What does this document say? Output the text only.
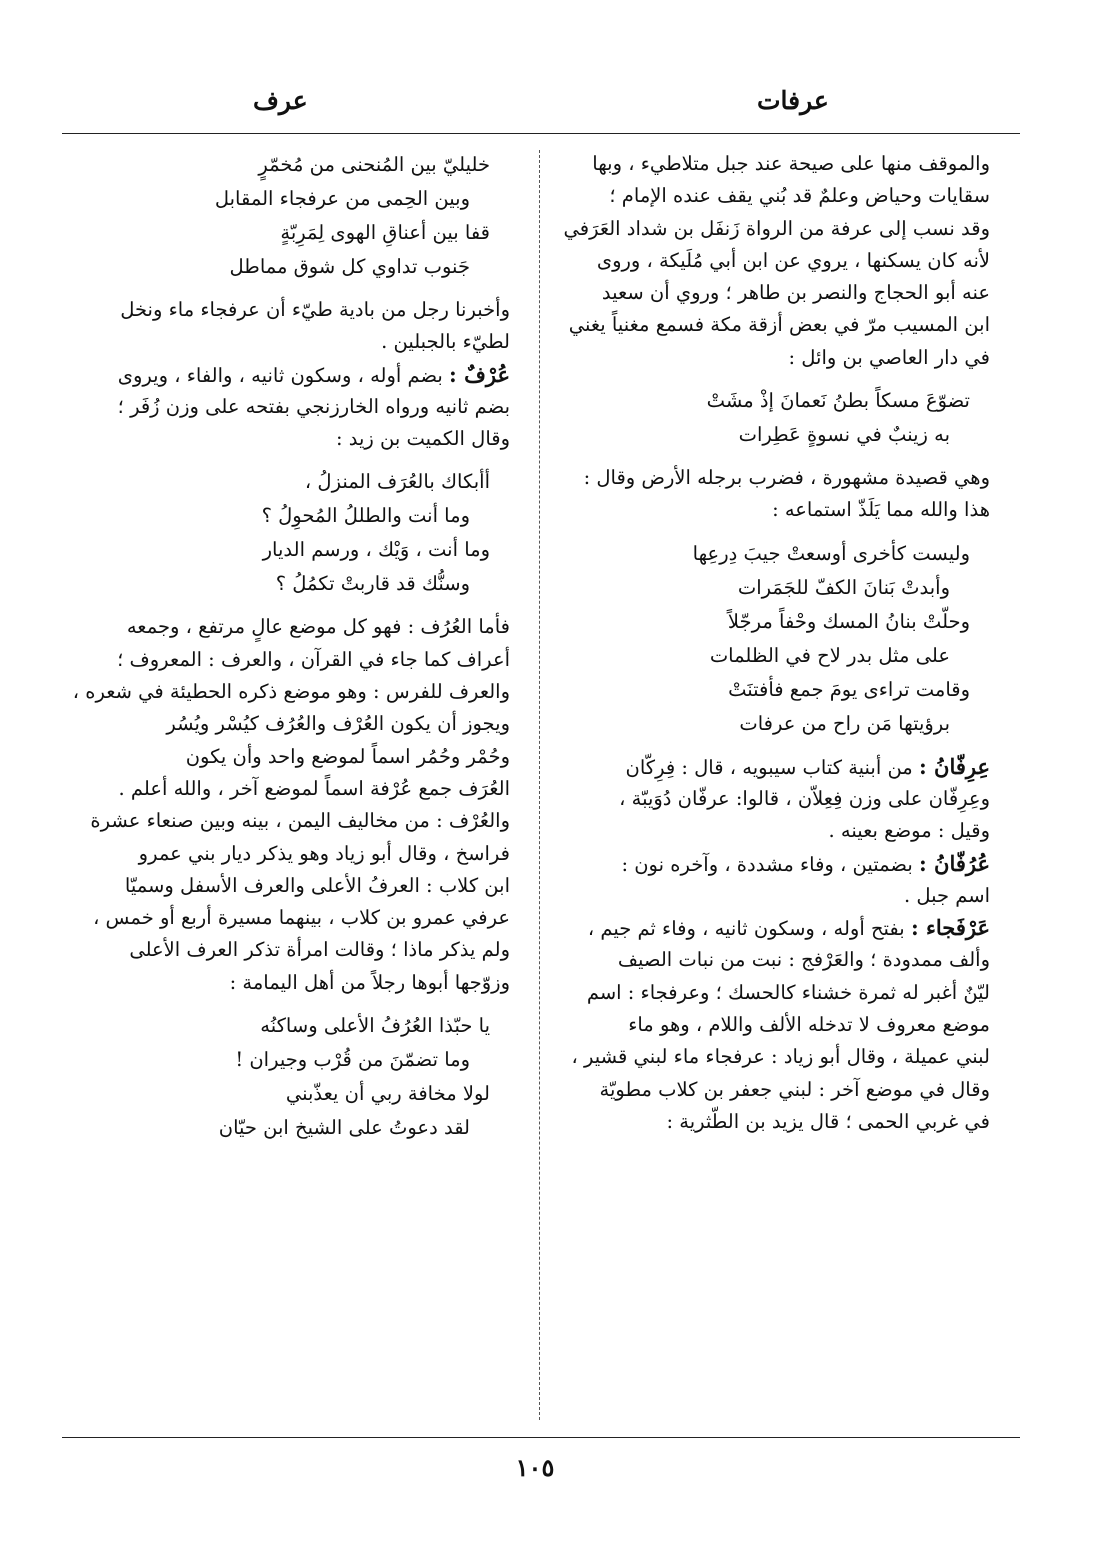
عرفات
عرف
والموقف منها على صيحة عند جبل متلاطيء ، وبها
سقايات وحياض وعلمٌ قد بُني يقف عنده الإمام ؛
وقد نسب إلى عرفة من الرواة زَنفَل بن شداد العَرَفي
لأنه كان يسكنها ، يروي عن ابن أبي مُلَيكة ، وروى
عنه أبو الحجاج والنصر بن طاهر ؛ وروي أن سعيد
ابن المسيب مرّ في بعض أزقة مكة فسمع مغنياً يغني
في دار العاصي بن وائل :
تضوّعَ مسكاً بطنُ نَعمانَ إذْ مشَتْ
به زينبٌ في نسوةٍ عَطِرات
وهي قصيدة مشهورة ، فضرب برجله الأرض وقال :
هذا والله مما يَلَذّ استماعه :
وليست كأخرى أوسعتْ جيبَ دِرعِها
وأبدتْ بَنانَ الكفّ للجَمَرات
وحلّتْ بنانُ المسك وحْفاً مرجّلاً
على مثل بدر لاح في الظلمات
وقامت تراءى يومَ جمع فأفتنَتْ
برؤيتها مَن راح من عرفات
عِرِفّانُ : من أبنية كتاب سيبويه ، قال : فِرِكّان
وعِرِفّان على وزن فِعِلاّن ، قالوا: عرفّان دُوَيبّة ،
وقيل : موضع بعينه .
عُرُفّانُ : بضمتين ، وفاء مشددة ، وآخره نون :
اسم جبل .
عَرْفَجاء : بفتح أوله ، وسكون ثانيه ، وفاء ثم جيم ،
وألف ممدودة ؛ والعَرْفج : نبت من نبات الصيف
ليّنٌ أغبر له ثمرة خشناء كالحسك ؛ وعرفجاء : اسم
موضع معروف لا تدخله الألف واللام ، وهو ماء
لبني عميلة ، وقال أبو زياد : عرفجاء ماء لبني قشير ،
وقال في موضع آخر : لبني جعفر بن كلاب مطويّة
في غربي الحمى ؛ قال يزيد بن الطّثرية :
خليليّ بين المُنحنى من مُخمّرٍ
وبين الحِمى من عرفجاء المقابل
قفا بين أعناقِ الهوى لِمَرِبّةٍ
جَنوب تداوي كل شوق مماطل
وأخبرنا رجل من بادية طيّء أن عرفجاء ماء ونخل
لطيّء بالجبلين .
عُرْفٌ : بضم أوله ، وسكون ثانيه ، والفاء ، ويروى
بضم ثانيه ورواه الخارزنجي بفتحه على وزن زُفَر ؛
وقال الكميت بن زيد :
أأبكاك بالعُرَف المنزلُ ،
وما أنت والطللُ المُحوِلُ ؟
وما أنت ، وَيْك ، ورسم الديار
وسنُّك قد قاربتْ تكمُلُ ؟
فأما العُرُف : فهو كل موضع عالٍ مرتفع ، وجمعه
أعراف كما جاء في القرآن ، والعرف : المعروف ؛
والعرف للفرس : وهو موضع ذكره الحطيئة في شعره ،
ويجوز أن يكون العُرْف والعُرُف كيُسْر ويُسُر
وحُمْر وحُمُر اسماً لموضع واحد وأن يكون
العُرَف جمع عُرْفة اسماً لموضع آخر ، والله أعلم .
والعُرْف : من مخاليف اليمن ، بينه وبين صنعاء عشرة
فراسخ ، وقال أبو زياد وهو يذكر ديار بني عمرو
ابن كلاب : العرفُ الأعلى والعرف الأسفل وسميّا
عرفي عمرو بن كلاب ، بينهما مسيرة أربع أو خمس ،
ولم يذكر ماذا ؛ وقالت امرأة تذكر العرف الأعلى
وزوّجها أبوها رجلاً من أهل اليمامة :
يا حبّذا العُرُفُ الأعلى وساكنُه
وما تضمّنَ من قُرْب وجيران !
لولا مخافة ربي أن يعذّبني
لقد دعوتُ على الشيخ ابن حيّان
١٠٥
